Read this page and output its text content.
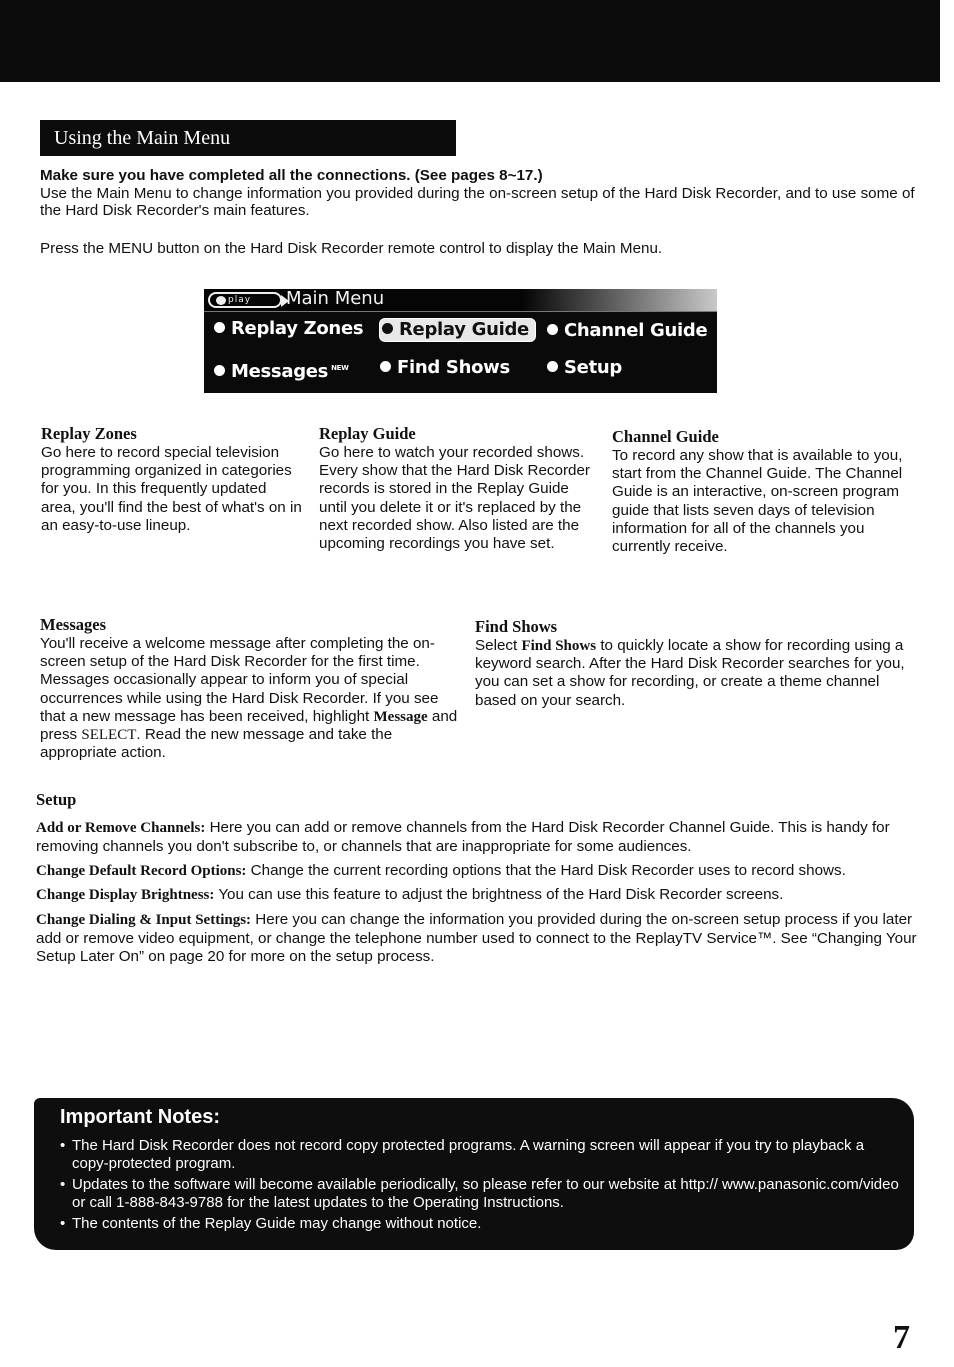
Using the Main Menu
Make sure you have completed all the connections. (See pages 8~17.)
Use the Main Menu to change information you provided during the on-screen setup of the Hard Disk Recorder, and to use some of the Hard Disk Recorder's main features.
Press the MENU button on the Hard Disk Recorder remote control to display the Main Menu.
play Main Menu
Replay Zones	Replay Guide	Channel Guide
Messages $^{NEW}$	Find Shows	Setup
Replay Zones
Go here to record special television programming organized in categories for you. In this frequently updated area, you'll find the best of what's on in an easy-to-use lineup.
Replay Guide
Go here to watch your recorded shows. Every show that the Hard Disk Recorder records is stored in the Replay Guide until you delete it or it's replaced by the next recorded show. Also listed are the upcoming recordings you have set.
Channel Guide
To record any show that is available to you, start from the Channel Guide. The Channel Guide is an interactive, on-screen program guide that lists seven days of television information for all of the channels you currently receive.
Messages
You'll receive a welcome message after completing the on-screen setup of the Hard Disk Recorder for the first time. Messages occasionally appear to inform you of special occurrences while using the Hard Disk Recorder. If you see that a new message has been received, highlight Message and press SELECT. Read the new message and take the appropriate action.
Find Shows
Select Find Shows to quickly locate a show for recording using a keyword search. After the Hard Disk Recorder searches for you, you can set a show for recording, or create a theme channel based on your search.
Setup
Add or Remove Channels: Here you can add or remove channels from the Hard Disk Recorder Channel Guide. This is handy for removing channels you don't subscribe to, or channels that are inappropriate for some audiences.
Change Default Record Options: Change the current recording options that the Hard Disk Recorder uses to record shows.
Change Display Brightness: You can use this feature to adjust the brightness of the Hard Disk Recorder screens.
Change Dialing & Input Settings: Here you can change the information you provided during the on-screen setup process if you later add or remove video equipment, or change the telephone number used to connect to the ReplayTV Service™. See “Changing Your Setup Later On” on page 20 for more on the setup process.
Important Notes:
• The Hard Disk Recorder does not record copy protected programs. A warning screen will appear if you try to playback a copy-protected program.
• Updates to the software will become available periodically, so please refer to our website at http:// www.panasonic.com/video or call 1-888-843-9788 for the latest updates to the Operating Instructions.
• The contents of the Replay Guide may change without notice.
7
